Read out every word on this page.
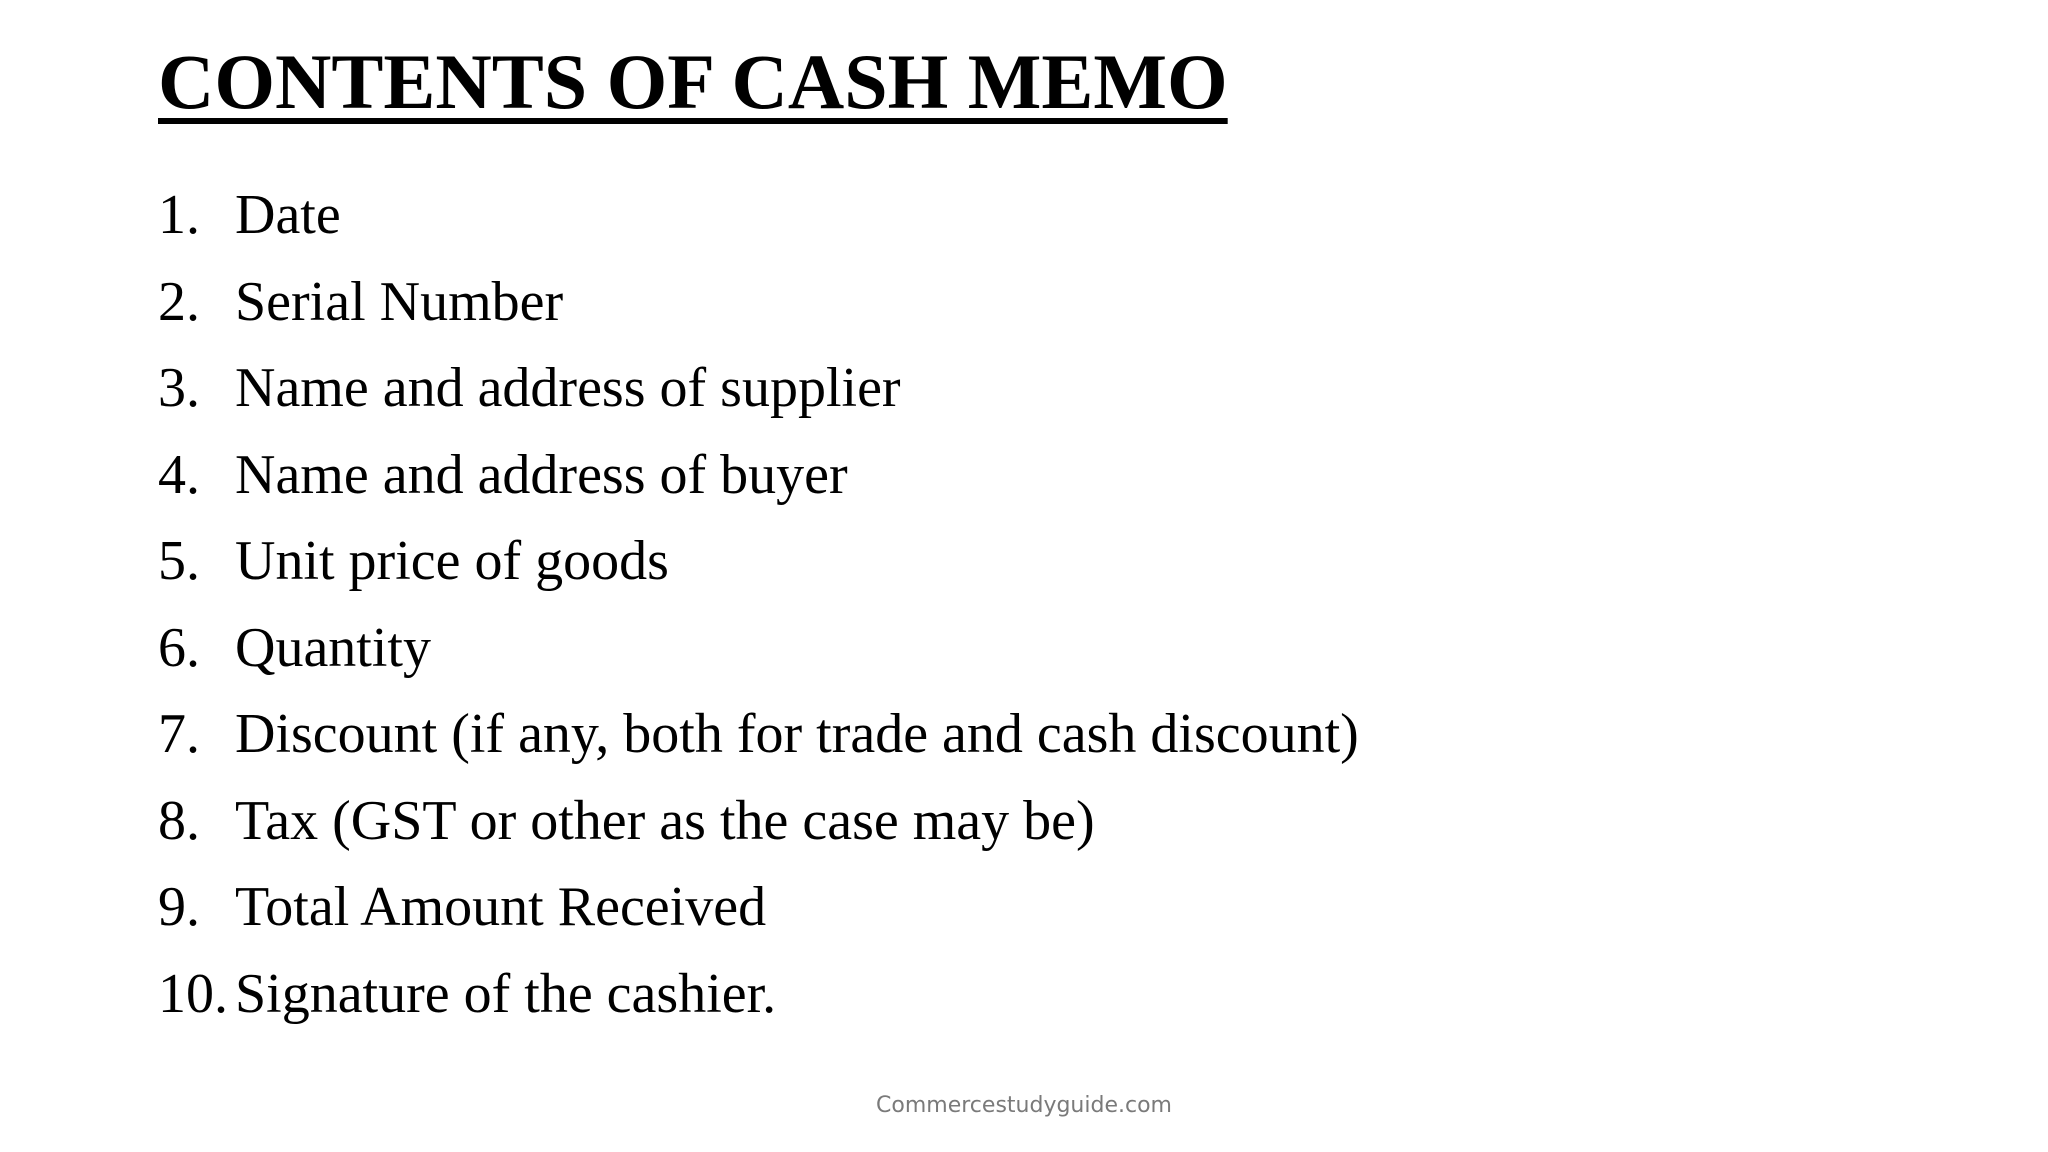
CONTENTS OF CASH MEMO
1. Date
2. Serial Number
3. Name and address of supplier
4. Name and address of buyer
5. Unit price of goods
6. Quantity
7. Discount (if any, both for trade and cash discount)
8. Tax (GST or other as the case may be)
9. Total Amount Received
10. Signature of the cashier.
Commercestudyguide.com
